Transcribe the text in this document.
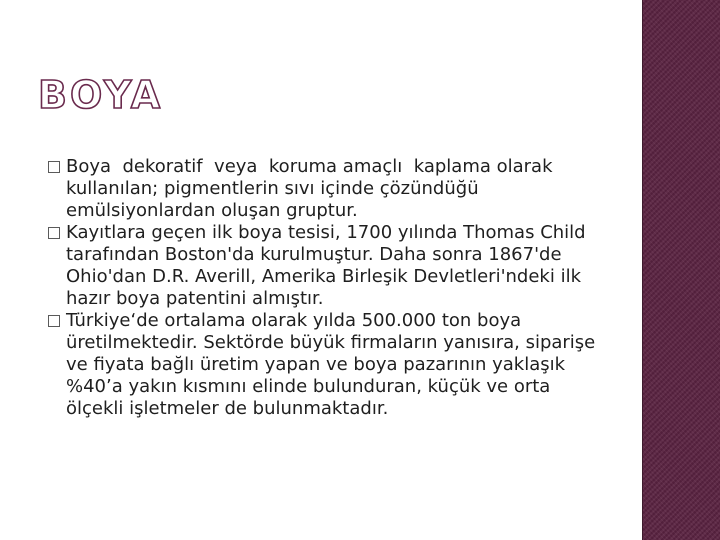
BOYA
Boya  dekoratif  veya  koruma amaçlı  kaplama olarak  kullanılan; pigmentlerin sıvı içinde çözündüğü emülsiyonlardan oluşan gruptur.
Kayıtlara geçen ilk boya tesisi, 1700 yılında Thomas Child tarafından Boston'da kurulmuştur. Daha sonra 1867'de Ohio'dan D.R. Averill, Amerika Birleşik Devletleri'ndeki ilk hazır boya patentini almıştır.
Türkiye‘de ortalama olarak yılda 500.000 ton boya üretilmektedir. Sektörde büyük firmaların yanısıra, siparişe ve fiyata bağlı üretim yapan ve boya pazarının yaklaşık %40’a yakın kısmını elinde bulunduran, küçük ve orta ölçekli işletmeler de bulunmaktadır.
